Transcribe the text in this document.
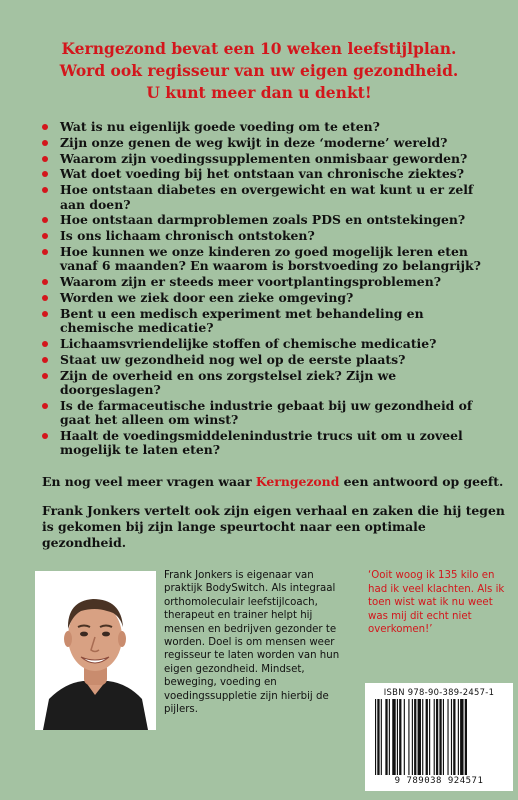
Kerngezond bevat een 10 weken leefstijlplan.
Word ook regisseur van uw eigen gezondheid.
U kunt meer dan u denkt!
Wat is nu eigenlijk goede voeding om te eten?
Zijn onze genen de weg kwijt in deze ‘moderne’ wereld?
Waarom zijn voedingssupplementen onmisbaar geworden?
Wat doet voeding bij het ontstaan van chronische ziektes?
Hoe ontstaan diabetes en overgewicht en wat kunt u er zelf aan doen?
Hoe ontstaan darmproblemen zoals PDS en ontstekingen?
Is ons lichaam chronisch ontstoken?
Hoe kunnen we onze kinderen zo goed mogelijk leren eten vanaf 6 maanden? En waarom is borstvoeding zo belangrijk?
Waarom zijn er steeds meer voortplantingsproblemen?
Worden we ziek door een zieke omgeving?
Bent u een medisch experiment met behandeling en chemische medicatie?
Lichaamsvriendelijke stoffen of chemische medicatie?
Staat uw gezondheid nog wel op de eerste plaats?
Zijn de overheid en ons zorgstelsel ziek? Zijn we doorgeslagen?
Is de farmaceutische industrie gebaat bij uw gezondheid of gaat het alleen om winst?
Haalt de voedingsmiddelenindustrie trucs uit om u zoveel mogelijk te laten eten?
En nog veel meer vragen waar Kerngezond een antwoord op geeft.
Frank Jonkers vertelt ook zijn eigen verhaal en zaken die hij tegen is gekomen bij zijn lange speurtocht naar een optimale gezondheid.
Frank Jonkers is eigenaar van praktijk BodySwitch. Als integraal orthomoleculair leefstijlcoach, therapeut en trainer helpt hij mensen en bedrijven gezonder te worden. Doel is om mensen weer regisseur te laten worden van hun eigen gezondheid. Mindset, beweging, voeding en voedingssuppletie zijn hierbij de pijlers.
‘Ooit woog ik 135 kilo en had ik veel klachten. Als ik toen wist wat ik nu weet was mij dit echt niet overkomen!’
ISBN 978-90-389-2457-1
9 789038 924571
